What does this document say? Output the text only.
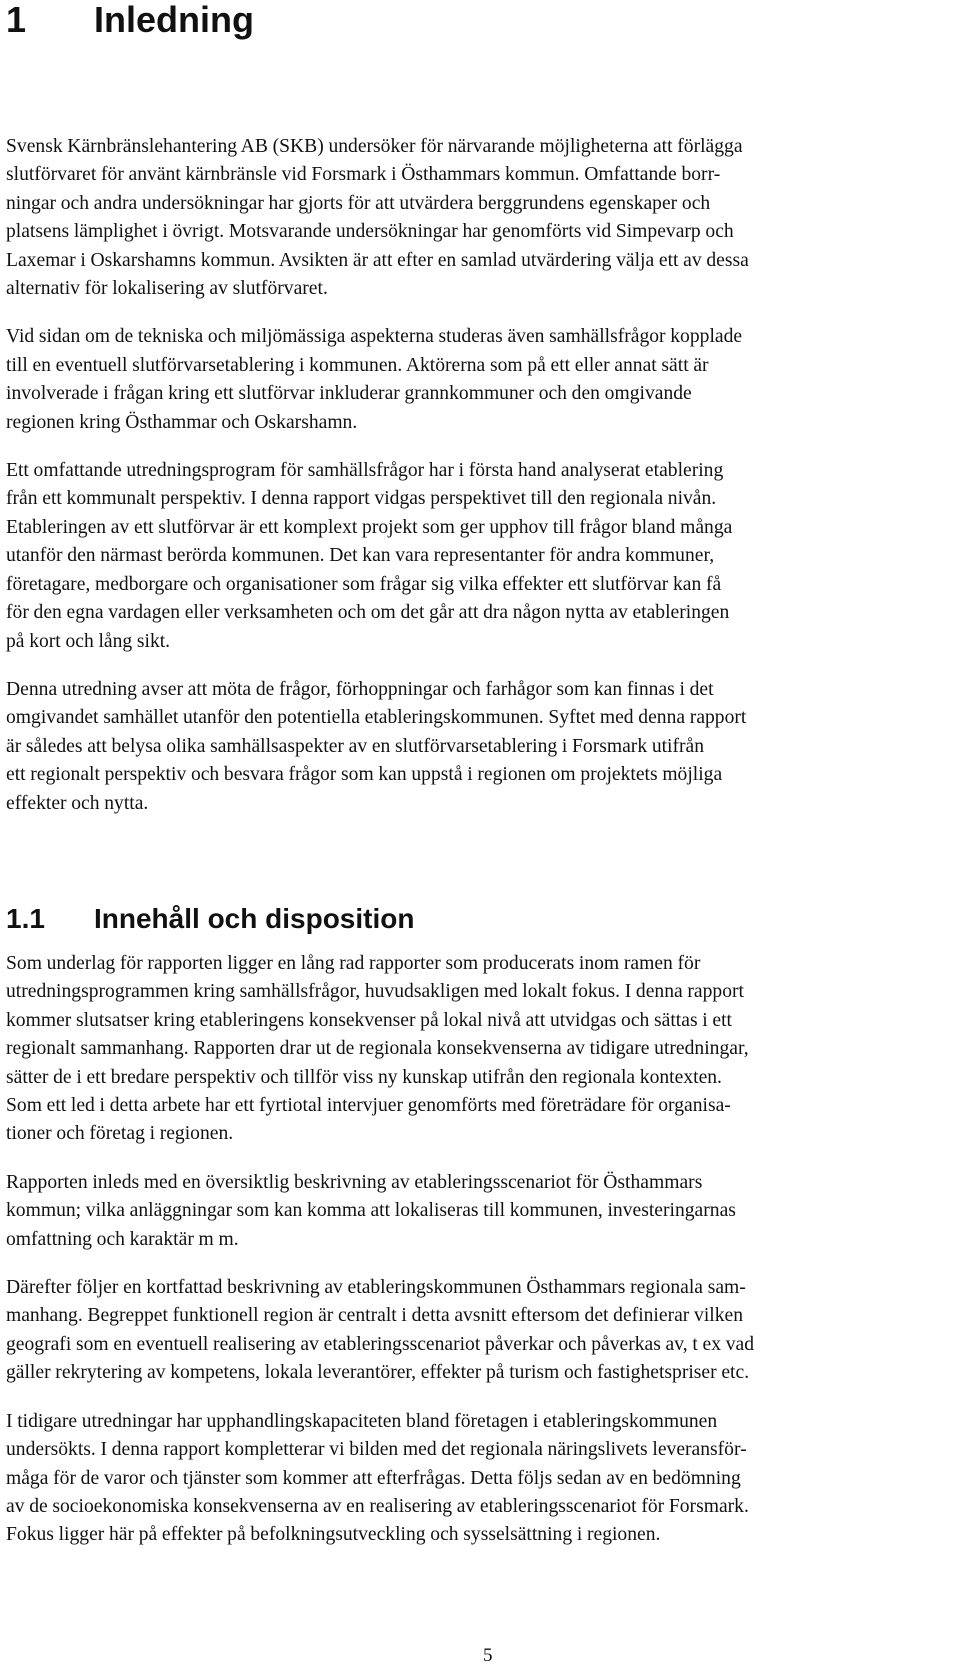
1 Inledning

Svensk Kärnbränslehantering AB (SKB) undersöker för närvarande möjligheterna att förlägga
slutförvaret för använt kärnbränsle vid Forsmark i Östhammars kommun. Omfattande borr-
ningar och andra undersökningar har gjorts för att utvärdera berggrundens egenskaper och
platsens lämplighet i övrigt. Motsvarande undersökningar har genomförts vid Simpevarp och
Laxemar i Oskarshamns kommun. Avsikten är att efter en samlad utvärdering välja ett av dessa
alternativ för lokalisering av slutförvaret.

Vid sidan om de tekniska och miljömässiga aspekterna studeras även samhällsfrågor kopplade
till en eventuell slutförvarsetablering i kommunen. Aktörerna som på ett eller annat sätt är
involverade i frågan kring ett slutförvar inkluderar grannkommuner och den omgivande
regionen kring Östhammar och Oskarshamn.

Ett omfattande utredningsprogram för samhällsfrågor har i första hand analyserat etablering
från ett kommunalt perspektiv. I denna rapport vidgas perspektivet till den regionala nivån.
Etableringen av ett slutförvar är ett komplext projekt som ger upphov till frågor bland många
utanför den närmast berörda kommunen. Det kan vara representanter för andra kommuner,
företagare, medborgare och organisationer som frågar sig vilka effekter ett slutförvar kan få
för den egna vardagen eller verksamheten och om det går att dra någon nytta av etableringen
på kort och lång sikt.

Denna utredning avser att möta de frågor, förhoppningar och farhågor som kan finnas i det
omgivandet samhället utanför den potentiella etableringskommunen. Syftet med denna rapport
är således att belysa olika samhällsaspekter av en slutförvarsetablering i Forsmark utifrån
ett regionalt perspektiv och besvara frågor som kan uppstå i regionen om projektets möjliga
effekter och nytta.

1.1 Innehåll och disposition

Som underlag för rapporten ligger en lång rad rapporter som producerats inom ramen för
utredningsprogrammen kring samhällsfrågor, huvudsakligen med lokalt fokus. I denna rapport
kommer slutsatser kring etableringens konsekvenser på lokal nivå att utvidgas och sättas i ett
regionalt sammanhang. Rapporten drar ut de regionala konsekvenserna av tidigare utredningar,
sätter de i ett bredare perspektiv och tillför viss ny kunskap utifrån den regionala kontexten.
Som ett led i detta arbete har ett fyrtiotal intervjuer genomförts med företrädare för organisa-
tioner och företag i regionen.

Rapporten inleds med en översiktlig beskrivning av etableringsscenariot för Östhammars
kommun; vilka anläggningar som kan komma att lokaliseras till kommunen, investeringarnas
omfattning och karaktär m m.

Därefter följer en kortfattad beskrivning av etableringskommunen Östhammars regionala sam-
manhang. Begreppet funktionell region är centralt i detta avsnitt eftersom det definierar vilken
geografi som en eventuell realisering av etableringsscenariot påverkar och påverkas av, t ex vad
gäller rekrytering av kompetens, lokala leverantörer, effekter på turism och fastighetspriser etc.

I tidigare utredningar har upphandlingskapaciteten bland företagen i etableringskommunen
undersökts. I denna rapport kompletterar vi bilden med det regionala näringslivets leveransför-
måga för de varor och tjänster som kommer att efterfrågas. Detta följs sedan av en bedömning
av de socioekonomiska konsekvenserna av en realisering av etableringsscenariot för Forsmark.
Fokus ligger här på effekter på befolkningsutveckling och sysselsättning i regionen.

5
